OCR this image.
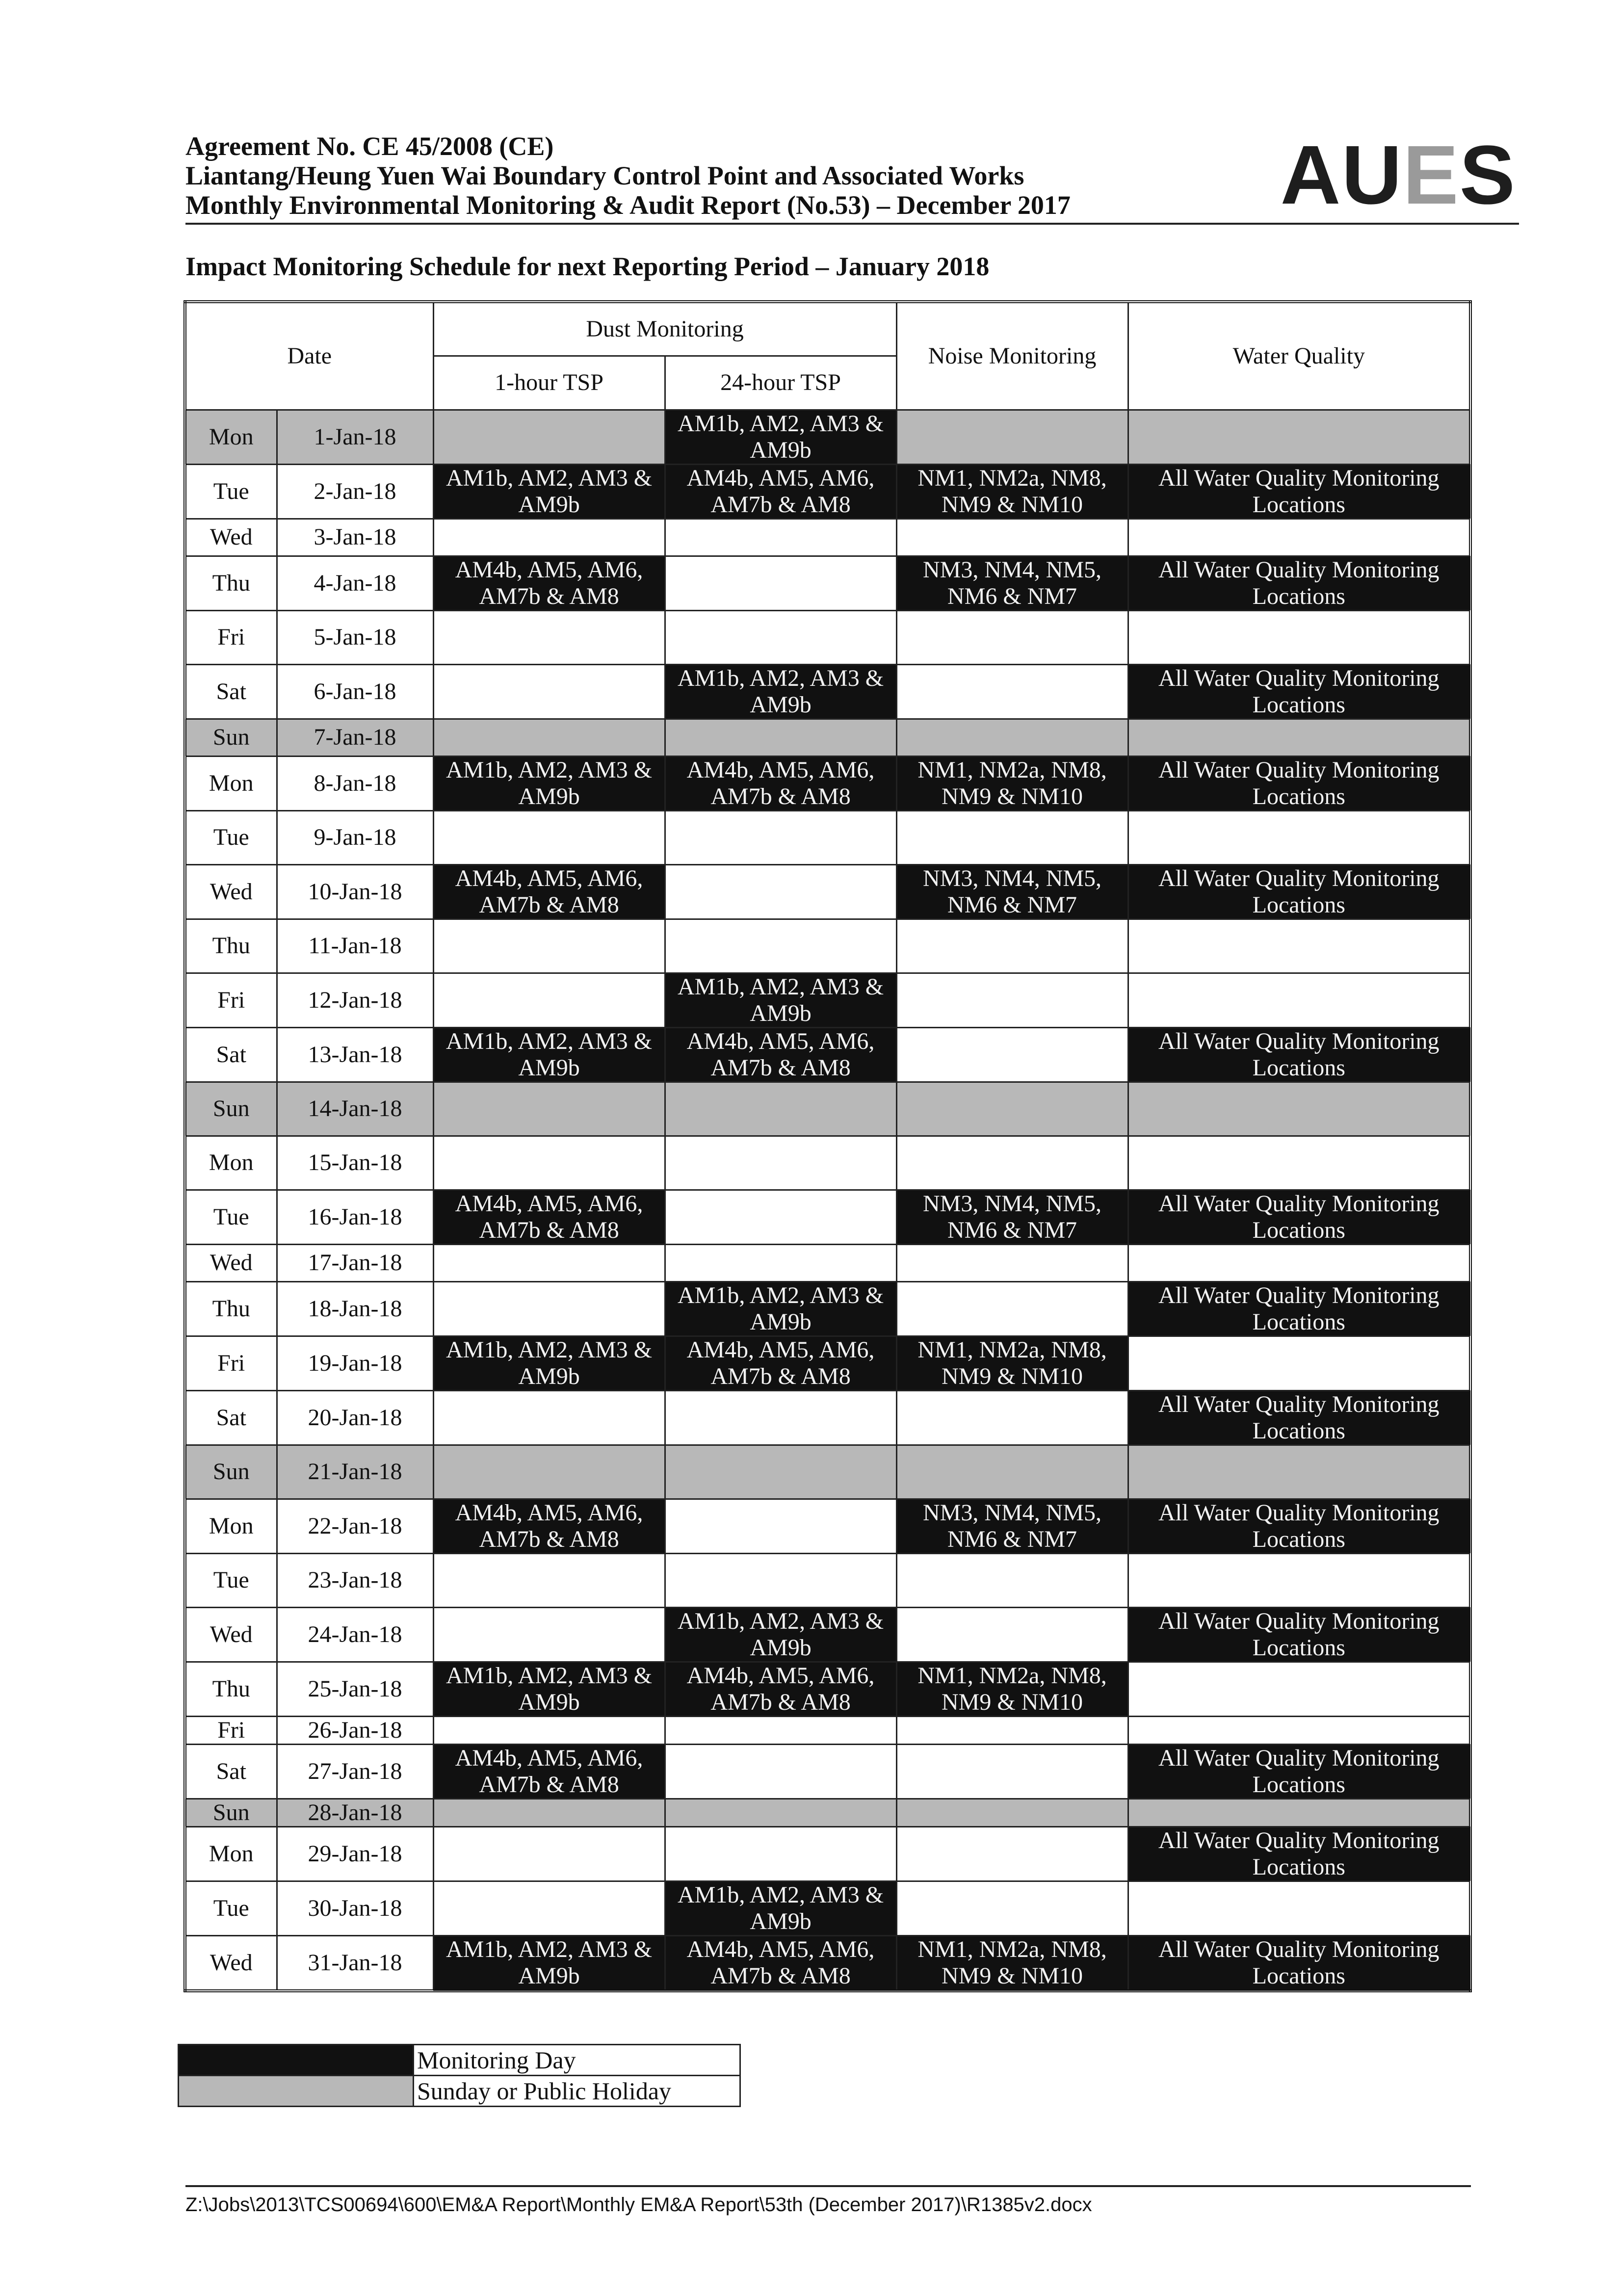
Agreement No. CE 45/2008 (CE)
Liantang/Heung Yuen Wai Boundary Control Point and Associated Works
Monthly Environmental Monitoring & Audit Report (No.53) – December 2017	AUES
Impact Monitoring Schedule for next Reporting Period – January 2018
Date		Dust Monitoring		Noise Monitoring	Water Quality
		1-hour TSP	24-hour TSP		
Mon	1-Jan-18		AM1b, AM2, AM3 & AM9b		
Tue	2-Jan-18	AM1b, AM2, AM3 & AM9b	AM4b, AM5, AM6, AM7b & AM8	NM1, NM2a, NM8, NM9 & NM10	All Water Quality Monitoring Locations
Wed	3-Jan-18				
Thu	4-Jan-18	AM4b, AM5, AM6, AM7b & AM8		NM3, NM4, NM5, NM6 & NM7	All Water Quality Monitoring Locations
Fri	5-Jan-18				
Sat	6-Jan-18		AM1b, AM2, AM3 & AM9b		All Water Quality Monitoring Locations
Sun	7-Jan-18				
Mon	8-Jan-18	AM1b, AM2, AM3 & AM9b	AM4b, AM5, AM6, AM7b & AM8	NM1, NM2a, NM8, NM9 & NM10	All Water Quality Monitoring Locations
Tue	9-Jan-18				
Wed	10-Jan-18	AM4b, AM5, AM6, AM7b & AM8		NM3, NM4, NM5, NM6 & NM7	All Water Quality Monitoring Locations
Thu	11-Jan-18				
Fri	12-Jan-18		AM1b, AM2, AM3 & AM9b		
Sat	13-Jan-18	AM1b, AM2, AM3 & AM9b	AM4b, AM5, AM6, AM7b & AM8		All Water Quality Monitoring Locations
Sun	14-Jan-18				
Mon	15-Jan-18				
Tue	16-Jan-18	AM4b, AM5, AM6, AM7b & AM8		NM3, NM4, NM5, NM6 & NM7	All Water Quality Monitoring Locations
Wed	17-Jan-18				
Thu	18-Jan-18		AM1b, AM2, AM3 & AM9b		All Water Quality Monitoring Locations
Fri	19-Jan-18	AM1b, AM2, AM3 & AM9b	AM4b, AM5, AM6, AM7b & AM8	NM1, NM2a, NM8, NM9 & NM10	
Sat	20-Jan-18				All Water Quality Monitoring Locations
Sun	21-Jan-18				
Mon	22-Jan-18	AM4b, AM5, AM6, AM7b & AM8		NM3, NM4, NM5, NM6 & NM7	All Water Quality Monitoring Locations
Tue	23-Jan-18				
Wed	24-Jan-18		AM1b, AM2, AM3 & AM9b		All Water Quality Monitoring Locations
Thu	25-Jan-18	AM1b, AM2, AM3 & AM9b	AM4b, AM5, AM6, AM7b & AM8	NM1, NM2a, NM8, NM9 & NM10	
Fri	26-Jan-18				
Sat	27-Jan-18	AM4b, AM5, AM6, AM7b & AM8			All Water Quality Monitoring Locations
Sun	28-Jan-18				
Mon	29-Jan-18				All Water Quality Monitoring Locations
Tue	30-Jan-18		AM1b, AM2, AM3 & AM9b		
Wed	31-Jan-18	AM1b, AM2, AM3 & AM9b	AM4b, AM5, AM6, AM7b & AM8	NM1, NM2a, NM8, NM9 & NM10	All Water Quality Monitoring Locations
	Monitoring Day
	Sunday or Public Holiday
Z:\Jobs\2013\TCS00694\600\EM&A Report\Monthly EM&A Report\53th (December 2017)\R1385v2.docx
